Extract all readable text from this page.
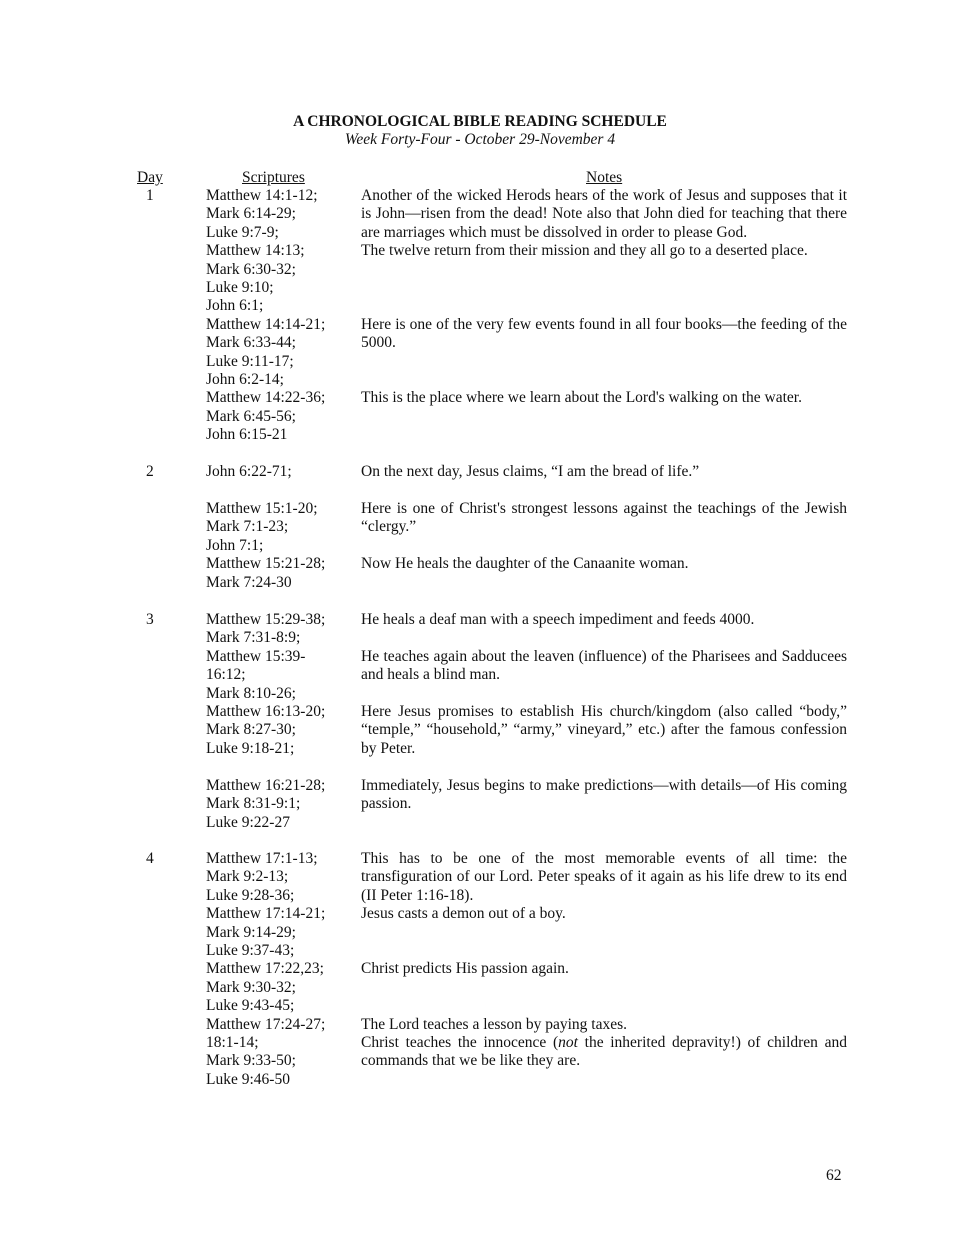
A CHRONOLOGICAL BIBLE READING SCHEDULE
Week Forty-Four - October 29-November 4
Day	Scriptures	Notes
1
2
3
4
Matthew 14:1-12;
Mark 6:14-29;
Luke 9:7-9;
Matthew 14:13;
Mark 6:30-32;
Luke 9:10;
John 6:1;
Matthew 14:14-21;
Mark 6:33-44;
Luke 9:11-17;
John 6:2-14;
Matthew 14:22-36;
Mark 6:45-56;
John 6:15-21
John 6:22-71;
Matthew 15:1-20;
Mark 7:1-23;
John 7:1;
Matthew 15:21-28;
Mark 7:24-30
Matthew 15:29-38;
Mark 7:31-8:9;
Matthew 15:39-
16:12;
Mark 8:10-26;
Matthew 16:13-20;
Mark 8:27-30;
Luke 9:18-21;
Matthew 16:21-28;
Mark 8:31-9:1;
Luke 9:22-27
Matthew 17:1-13;
Mark 9:2-13;
Luke 9:28-36;
Matthew 17:14-21;
Mark 9:14-29;
Luke 9:37-43;
Matthew 17:22,23;
Mark 9:30-32;
Luke 9:43-45;
Matthew 17:24-27;
18:1-14;
Mark 9:33-50;
Luke 9:46-50
Another of the wicked Herods hears of the work of Jesus and supposes that it is John—risen from the dead! Note also that John died for teaching that there are marriages which must be dissolved in order to please God.
The twelve return from their mission and they all go to a deserted place.
Here is one of the very few events found in all four books—the feeding of the 5000.
This is the place where we learn about the Lord's walking on the water.
On the next day, Jesus claims, “I am the bread of life.”
Here is one of Christ's strongest lessons against the teachings of the Jewish “clergy.”
Now He heals the daughter of the Canaanite woman.
He heals a deaf man with a speech impediment and feeds 4000.
He teaches again about the leaven (influence) of the Pharisees and Sadducees and heals a blind man.
Here Jesus promises to establish His church/kingdom (also called “body,” “temple,” “household,” “army,” vineyard,” etc.) after the famous confession by Peter.
Immediately, Jesus begins to make predictions—with details—of His coming passion.
This has to be one of the most memorable events of all time: the transfiguration of our Lord. Peter speaks of it again as his life drew to its end (II Peter 1:16-18).
Jesus casts a demon out of a boy.
Christ predicts His passion again.
The Lord teaches a lesson by paying taxes.
Christ teaches the innocence (not the inherited depravity!) of children and commands that we be like they are.
62
